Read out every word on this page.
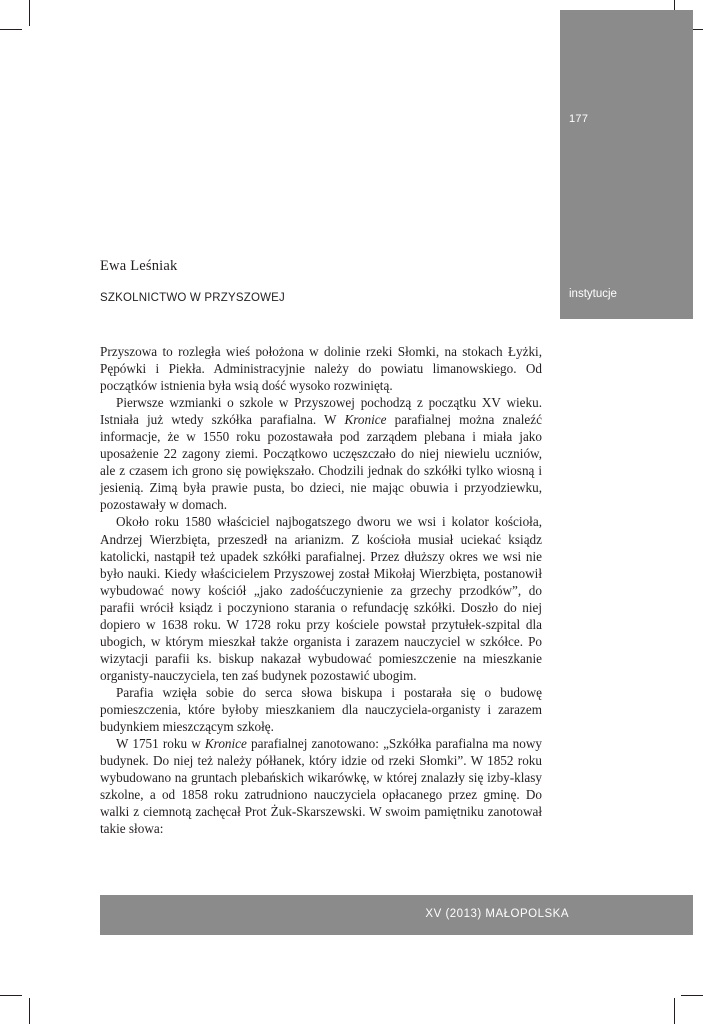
177
instytucje
Ewa Leśniak
SZKOLNICTWO W PRZYSZOWEJ

Przyszowa to rozległa wieś położona w dolinie rzeki Słomki, na stokach Łyżki, Pępówki i Piekła. Administracyjnie należy do powiatu limanowskiego. Od początków istnienia była wsią dość wysoko rozwiniętą.

Pierwsze wzmianki o szkole w Przyszowej pochodzą z początku XV wieku. Istniała już wtedy szkółka parafialna. W Kronice parafialnej można znaleźć informacje, że w 1550 roku pozostawała pod zarządem plebana i miała jako uposażenie 22 zagony ziemi. Początkowo uczęszczało do niej niewielu uczniów, ale z czasem ich grono się powiększało. Chodzili jednak do szkółki tylko wiosną i jesienią. Zimą była prawie pusta, bo dzieci, nie mając obuwia i przyodziewku, pozostawały w domach.

Około roku 1580 właściciel najbogatszego dworu we wsi i kolator kościoła, Andrzej Wierzbięta, przeszedł na arianizm. Z kościoła musiał uciekać ksiądz katolicki, nastąpił też upadek szkółki parafialnej. Przez dłuższy okres we wsi nie było nauki. Kiedy właścicielem Przyszowej został Mikołaj Wierzbięta, postanowił wybudować nowy kościół „jako zadośćuczynienie za grzechy przodków”, do parafii wrócił ksiądz i poczyniono starania o refundację szkółki. Doszło do niej dopiero w 1638 roku. W 1728 roku przy kościele powstał przytułek-szpital dla ubogich, w którym mieszkał także organista i zarazem nauczyciel w szkółce. Po wizytacji parafii ks. biskup nakazał wybudować pomieszczenie na mieszkanie organisty-nauczyciela, ten zaś budynek pozostawić ubogim.

Parafia wzięła sobie do serca słowa biskupa i postarała się o budowę pomieszczenia, które byłoby mieszkaniem dla nauczyciela-organisty i zarazem budynkiem mieszczącym szkołę.

W 1751 roku w Kronice parafialnej zanotowano: „Szkółka parafialna ma nowy budynek. Do niej też należy półłanek, który idzie od rzeki Słomki”. W 1852 roku wybudowano na gruntach plebańskich wikarówkę, w której znalazły się izby-klasy szkolne, a od 1858 roku zatrudniono nauczyciela opłacanego przez gminę. Do walki z ciemnotą zachęcał Prot Żuk-Skarszewski. W swoim pamiętniku zanotował takie słowa:

XV (2013) MAŁOPOLSKA
